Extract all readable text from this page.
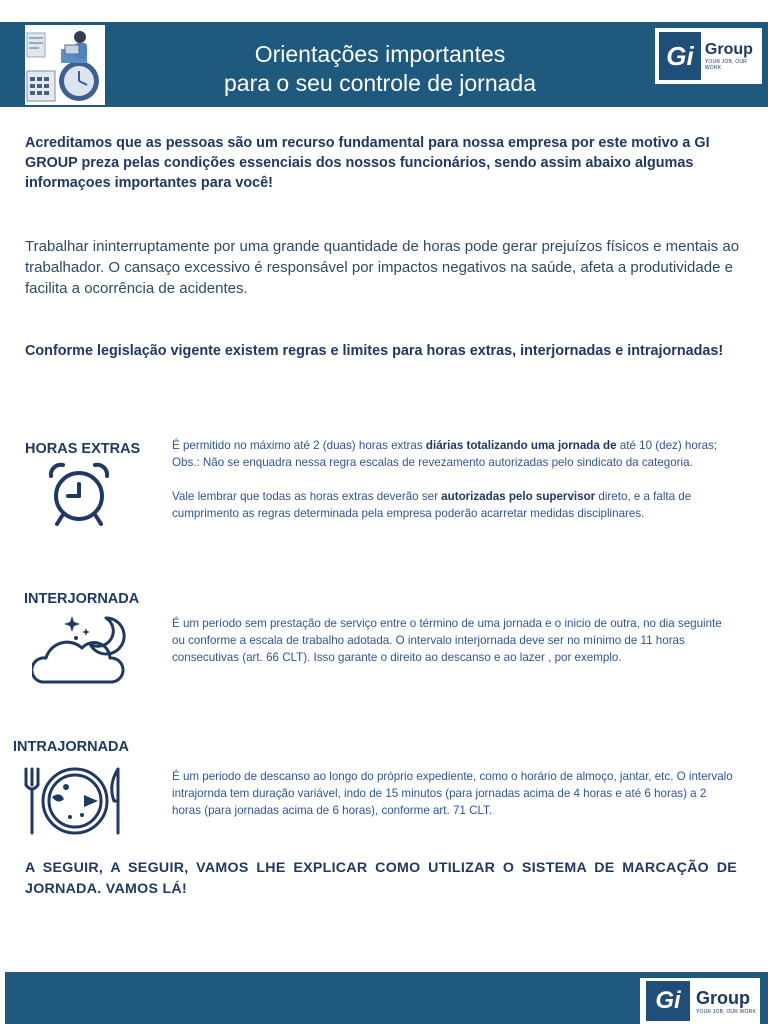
Orientações importantes
para o seu controle de jornada
Gi Group
YOUR JOB, OUR WORK

Acreditamos que as pessoas são um recurso fundamental para nossa empresa por este motivo a GI GROUP preza pelas condições essenciais dos nossos funcionários, sendo assim abaixo algumas informaçoes importantes para você!

Trabalhar ininterruptamente por uma grande quantidade de horas pode gerar prejuízos físicos e mentais ao trabalhador. O cansaço excessivo é responsável por impactos negativos na saúde, afeta a produtividade e facilita a ocorrência de acidentes.

Conforme legislação vigente existem regras e limites para horas extras, interjornadas e intrajornadas!

HORAS EXTRAS	É permitido no máximo até 2 (duas) horas extras diárias totalizando uma jornada de até 10 (dez) horas;
Obs.: Não se enquadra nessa regra escalas de revezamento autorizadas pelo sindicato da categoria.
Vale lembrar que todas as horas extras deverão ser autorizadas pelo supervisor direto, e a falta de cumprimento as regras determinada pela empresa poderão acarretar medidas disciplinares.
INTERJORNADA
É um período sem prestação de serviço entre o término de uma jornada e o inicio de outra, no dia seguinte ou conforme a escala de trabalho adotada. O intervalo interjornada deve ser no mínimo de 11 horas consecutivas (art. 66 CLT). Isso garante o direito ao descanso e ao lazer , por exemplo.
INTRAJORNADA
É um periodo de descanso ao longo do próprio expediente, como o horário de almoço, jantar, etc. O intervalo intrajornda tem duração variável, indo de 15 minutos (para jornadas acima de 4 horas e até 6 horas) a 2 horas (para jornadas acima de 6 horas), conforme art. 71 CLT.

A SEGUIR, A SEGUIR, VAMOS LHE EXPLICAR COMO UTILIZAR O SISTEMA DE MARCAÇÃO DE JORNADA. VAMOS LÁ!

Gi Group
YOUR JOB, OUR WORK
